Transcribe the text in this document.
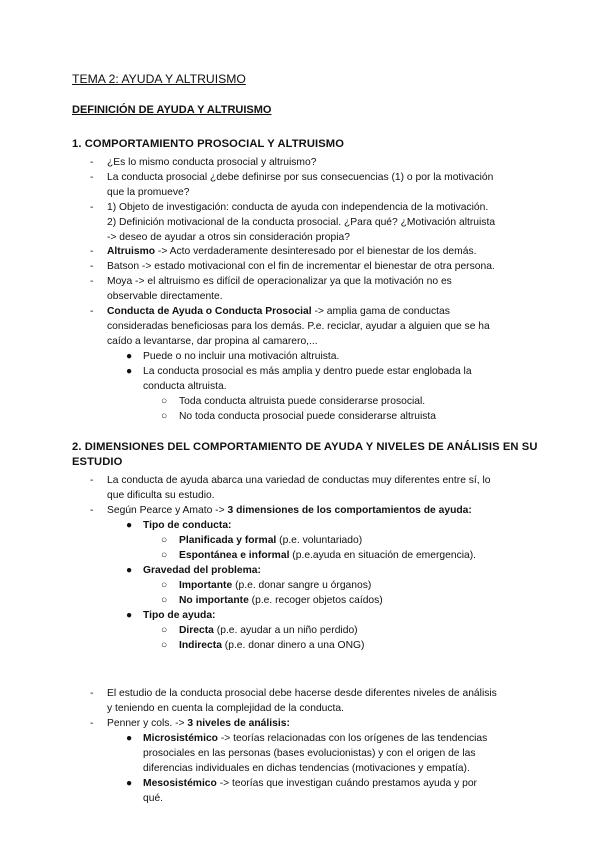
TEMA 2: AYUDA Y ALTRUISMO
DEFINICIÓN DE AYUDA Y ALTRUISMO
1. COMPORTAMIENTO PROSOCIAL Y ALTRUISMO
- ¿Es lo mismo conducta prosocial y altruismo?
- La conducta prosocial ¿debe definirse por sus consecuencias (1) o por la motivación
que la promueve?
- 1) Objeto de investigación: conducta de ayuda con independencia de la motivación.
2) Definición motivacional de la conducta prosocial. ¿Para qué? ¿Motivación altruista
-> deseo de ayudar a otros sin consideración propia?
- Altruismo -> Acto verdaderamente desinteresado por el bienestar de los demás.
- Batson -> estado motivacional con el fin de incrementar el bienestar de otra persona.
- Moya -> el altruismo es difícil de operacionalizar ya que la motivación no es
observable directamente.
- Conducta de Ayuda o Conducta Prosocial -> amplia gama de conductas
consideradas beneficiosas para los demás. P.e. reciclar, ayudar a alguien que se ha
caído a levantarse, dar propina al camarero,...
● Puede o no incluir una motivación altruista.
● La conducta prosocial es más amplia y dentro puede estar englobada la
conducta altruista.
○ Toda conducta altruista puede considerarse prosocial.
○ No toda conducta prosocial puede considerarse altruista
2. DIMENSIONES DEL COMPORTAMIENTO DE AYUDA Y NIVELES DE ANÁLISIS EN SU
ESTUDIO
- La conducta de ayuda abarca una variedad de conductas muy diferentes entre sí, lo
que dificulta su estudio.
- Según Pearce y Amato -> 3 dimensiones de los comportamientos de ayuda:
● Tipo de conducta:
○ Planificada y formal (p.e. voluntariado)
○ Espontánea e informal (p.e.ayuda en situación de emergencia).
● Gravedad del problema:
○ Importante (p.e. donar sangre u órganos)
○ No importante (p.e. recoger objetos caídos)
● Tipo de ayuda:
○ Directa (p.e. ayudar a un niño perdido)
○ Indirecta (p.e. donar dinero a una ONG)
- El estudio de la conducta prosocial debe hacerse desde diferentes niveles de análisis
y teniendo en cuenta la complejidad de la conducta.
- Penner y cols. -> 3 niveles de análisis:
● Microsistémico -> teorías relacionadas con los orígenes de las tendencias
prosociales en las personas (bases evolucionistas) y con el origen de las
diferencias individuales en dichas tendencias (motivaciones y empatía).
● Mesosistémico -> teorías que investigan cuándo prestamos ayuda y por
qué.
